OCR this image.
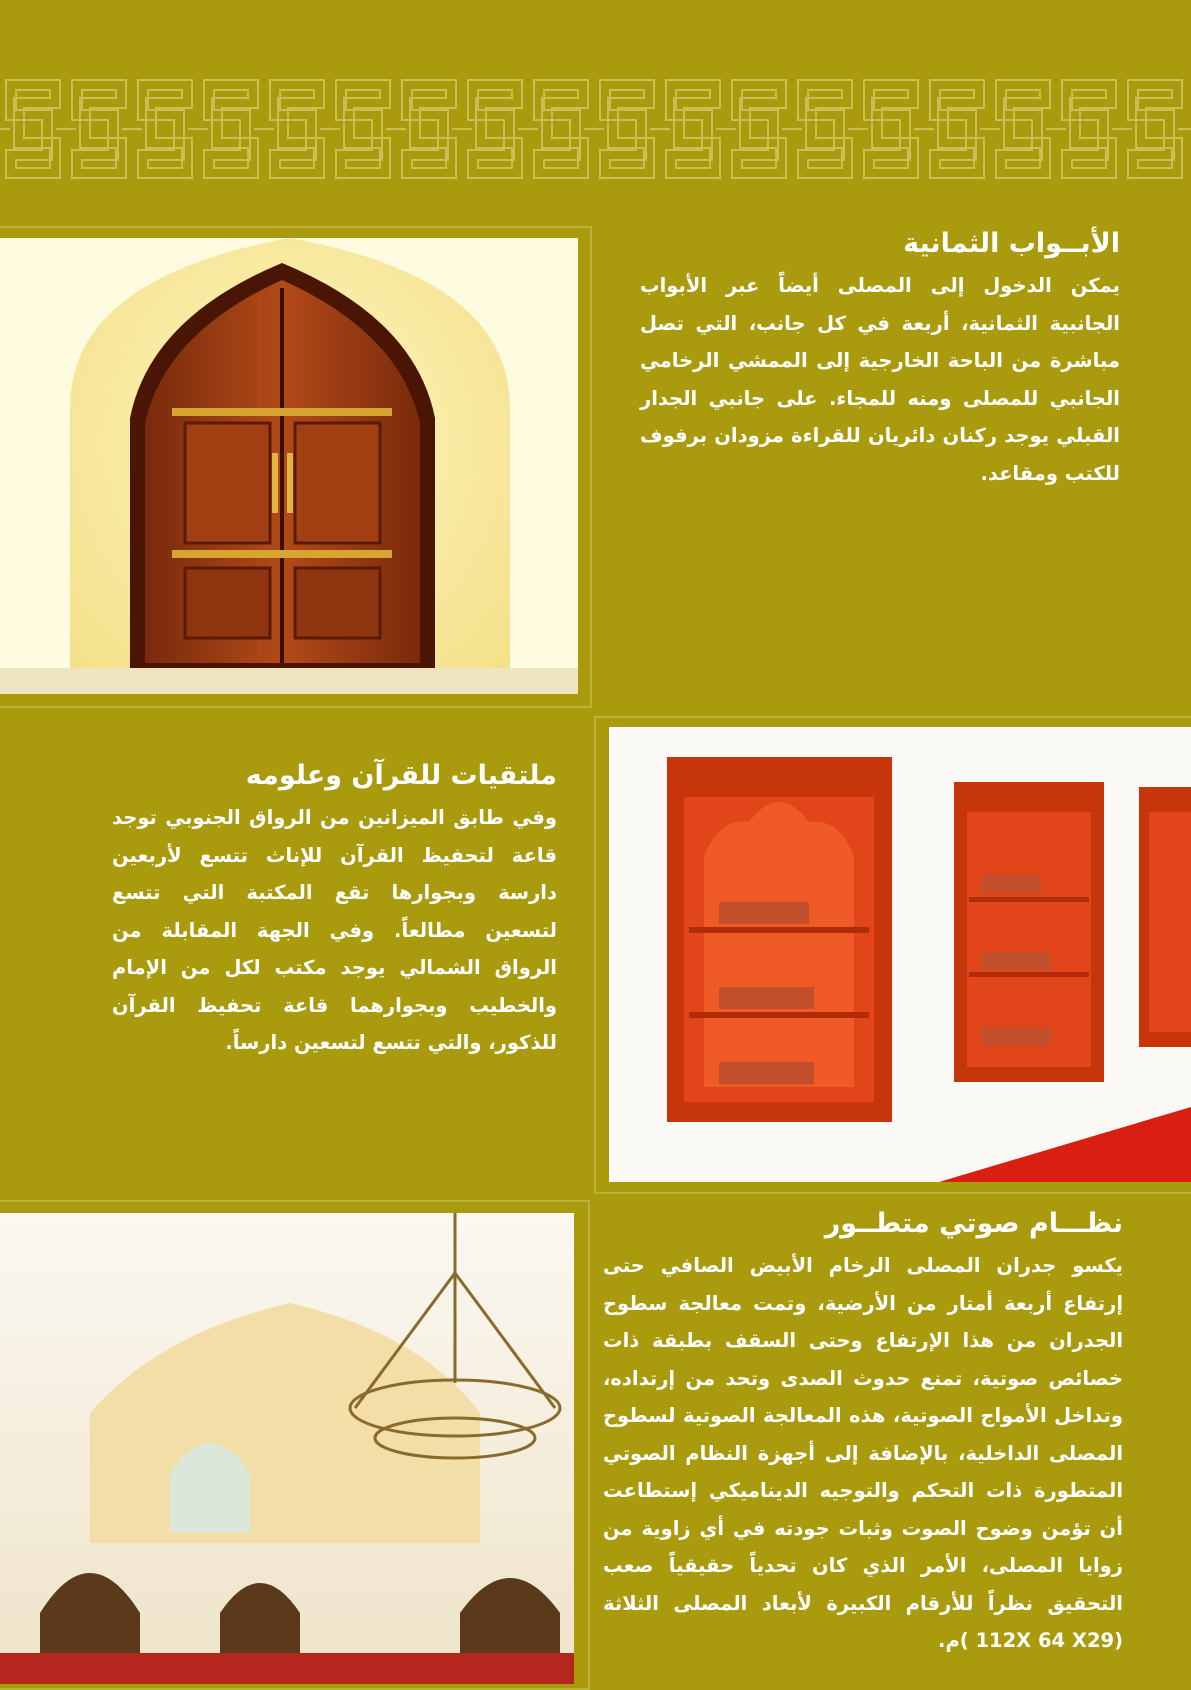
الأبــواب الثمانية

يمكن الدخول إلى المصلى أيضاً عبر الأبواب الجانبية الثمانية، أربعة في كل جانب، التي تصل مباشرة من الباحة الخارجية إلى الممشي الرخامي الجانبي للمصلى ومنه للمجاء. على جانبي الجدار القبلي يوجد ركنان دائريان للقراءة مزودان برفوف للكتب ومقاعد.

ملتقيات للقرآن وعلومه

وفي طابق الميزانين من الرواق الجنوبي توجد قاعة لتحفيظ القرآن للإناث تتسع لأربعين دارسة وبجوارها تقع المكتبة التي تتسع لتسعين مطالعاً. وفي الجهة المقابلة من الرواق الشمالي يوجد مكتب لكل من الإمام والخطيب وبجوارهما قاعة تحفيظ القرآن للذكور، والتي تتسع لتسعين دارساً.

نظـــام صوتي متطــور

يكسو جدران المصلى الرخام الأبيض الصافي حتى إرتفاع أربعة أمتار من الأرضية، وتمت معالجة سطوح الجدران من هذا الإرتفاع وحتى السقف بطبقة ذات خصائص صوتية، تمنع حدوث الصدى وتحد من إرتداده، وتداخل الأمواج الصوتية، هذه المعالجة الصوتية لسطوح المصلى الداخلية، بالإضافة إلى أجهزة النظام الصوتي المتطورة ذات التحكم والتوجيه الديناميكي إستطاعت أن تؤمن وضوح الصوت وثبات جودته في أي زاوية من زوايا المصلى، الأمر الذي كان تحدياً حقيقياً صعب التحقيق نظراً للأرقام الكبيرة لأبعاد المصلى الثلاثة (112X 64 X29 )م.
